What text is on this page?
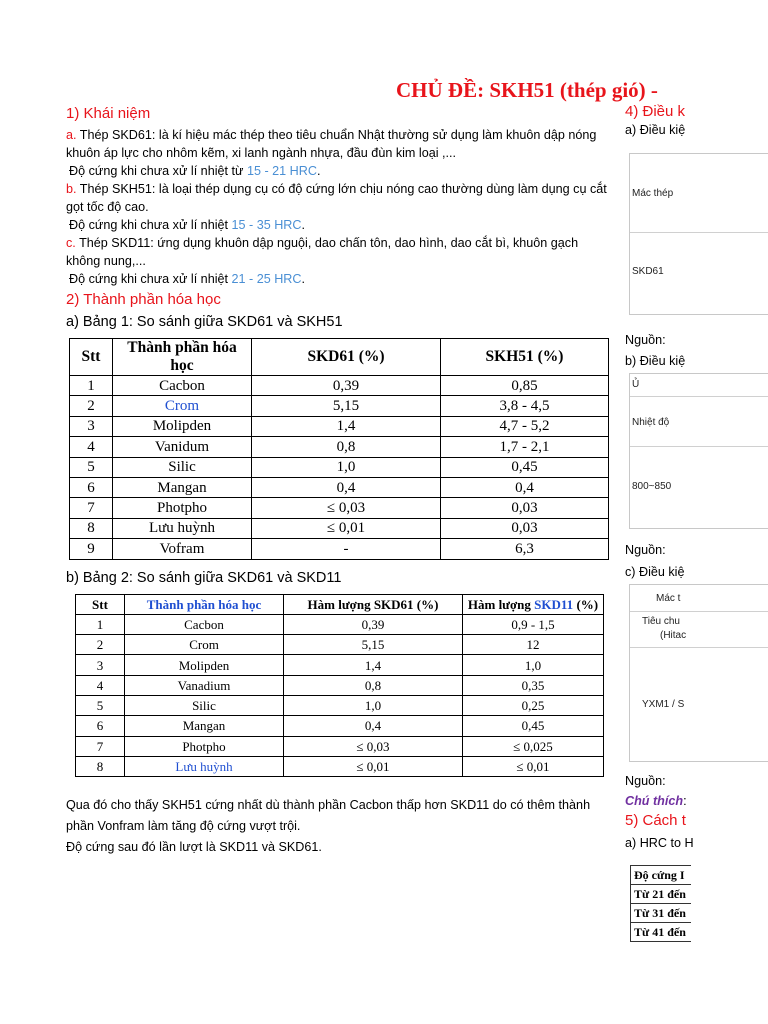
CHỦ ĐỀ: SKH51 (thép gió) -
1) Khái niệm
a. Thép SKD61: là kí hiệu mác thép theo tiêu chuẩn Nhật thường sử dụng làm khuôn dập nóng khuôn áp lực cho nhôm kẽm, xi lanh ngành nhựa, đầu đùn kim loại ,...
Độ cứng khi chưa xử lí nhiệt từ 15 - 21 HRC.
b. Thép SKH51: là loại thép dụng cụ có độ cứng lớn chịu nóng cao thường dùng làm dụng cụ cắt gọt tốc độ cao.
Độ cứng khi chưa xử lí nhiệt 15 - 35 HRC.
c. Thép SKD11: ứng dụng khuôn dập nguội, dao chấn tôn, dao hình, dao cắt bì, khuôn gạch không nung,...
Độ cứng khi chưa xử lí nhiệt 21 - 25 HRC.
2) Thành phần hóa học
a) Bảng 1: So sánh giữa SKD61 và SKH51
Stt	Thành phần hóa học	SKD61 (%)	SKH51 (%)
1	Cacbon	0,39	0,85
2	Crom	5,15	3,8 - 4,5
3	Molipden	1,4	4,7 - 5,2
4	Vanidum	0,8	1,7 - 2,1
5	Silic	1,0	0,45
6	Mangan	0,4	0,4
7	Photpho	≤ 0,03	0,03
8	Lưu huỳnh	≤ 0,01	0,03
9	Vofram	-	6,3
b) Bảng 2: So sánh giữa SKD61 và SKD11
Stt	Thành phần hóa học	Hàm lượng SKD61 (%)	Hàm lượng SKD11 (%)
1	Cacbon	0,39	0,9 - 1,5
2	Crom	5,15	12
3	Molipden	1,4	1,0
4	Vanadium	0,8	0,35
5	Silic	1,0	0,25
6	Mangan	0,4	0,45
7	Photpho	≤ 0,03	≤ 0,025
8	Lưu huỳnh	≤ 0,01	≤ 0,01
Qua đó cho thấy SKH51 cứng nhất dù thành phần Cacbon thấp hơn SKD11 do có thêm thành
phần Vonfram làm tăng độ cứng vượt trội.
Độ cứng sau đó lần lượt là SKD11 và SKD61.
4) Điều k
a) Điều kiệ
Mác thép
SKD61
Nguồn:
b) Điều kiệ
Ủ
Nhiệt độ
800~850
Nguồn:
c) Điều kiệ
Mác t
Tiêu chu
(Hitac
YXM1 / S
Nguồn:
Chú thích:
5) Cách t
a) HRC to H
Độ cứng I
Từ 21 đến
Từ 31 đến
Từ 41 đến
